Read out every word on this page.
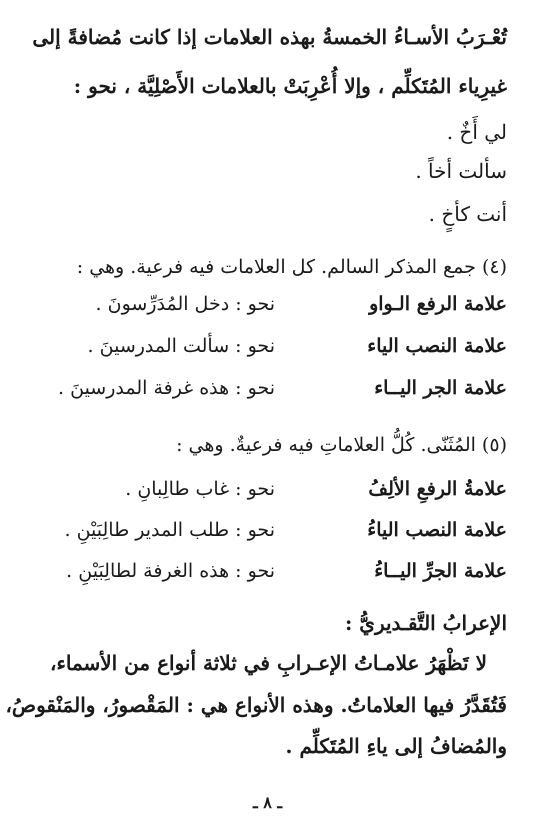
تُعْـرَبُ الأسـاءُ الخمسةُ بهذه العلامات إذا كانت مُضافةً إلى
غيرِياء المُتَكلِّم ، وإلا أُعْرِبَتْ بالعلامات الأَصْلِيَّة ، نحو :
لي أَخٌ .
سألت أخاً .
أنت كأخٍ .
(٤) جمع المذكر السالم. كل العلامات فيه فرعية. وهي :
علامة الرفع الـواو
نحو : دخل المُدَرِّسونَ .
علامة النصب الياء
نحو : سألت المدرسينَ .
علامة الجر اليــاء
نحو : هذه غرفة المدرسينَ .
(٥) المُثَنّى. كُلُّ العلاماتِ فيه فرعيةٌ. وهي :
علامةُ الرفعِ الألِفُ
نحو : غاب طالِبانِ .
علامة النصب الياءُ
نحو : طلب المدير طالِبَيْنِ .
علامة الجرِّ اليــاءُ
نحو : هذه الغرفة لطالِبَيْنِ .
الإعرابُ التَّقـديريُّ :
لا تَظْهَرُ علامـاتُ الإعـرابِ في ثلاثة أنواع من الأسماء،
فَتُقَدَّرُ فيها العلاماتُ. وهذه الأنواع هي : المَقْصورُ، والمَنْقوصُ،
والمُضافُ إلى ياءِ المُتَكلِّم .
ـ ٨ ـ
